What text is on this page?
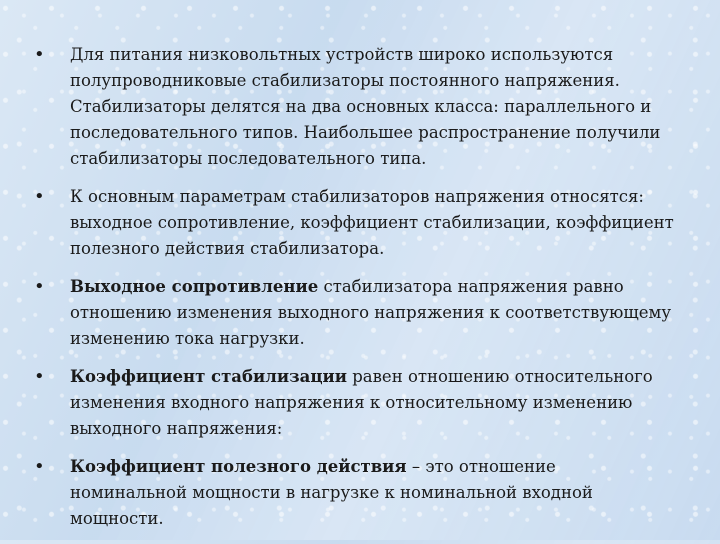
• Для питания низковольтных устройств широко используются полупроводниковые стабилизаторы постоянного напряжения. Стабилизаторы делятся на два основных класса: параллельного и последовательного типов. Наибольшее распространение получили стабилизаторы последовательного типа.
• К основным параметрам стабилизаторов напряжения относятся: выходное сопротивление, коэффициент стабилизации, коэффициент полезного действия стабилизатора.
• Выходное сопротивление стабилизатора напряжения равно отношению изменения выходного напряжения к соответствующему изменению тока нагрузки.
• Коэффициент стабилизации равен отношению относительного изменения входного напряжения к относительному изменению выходного напряжения:
• Коэффициент полезного действия – это отношение номинальной мощности в нагрузке к номинальной входной мощности.
